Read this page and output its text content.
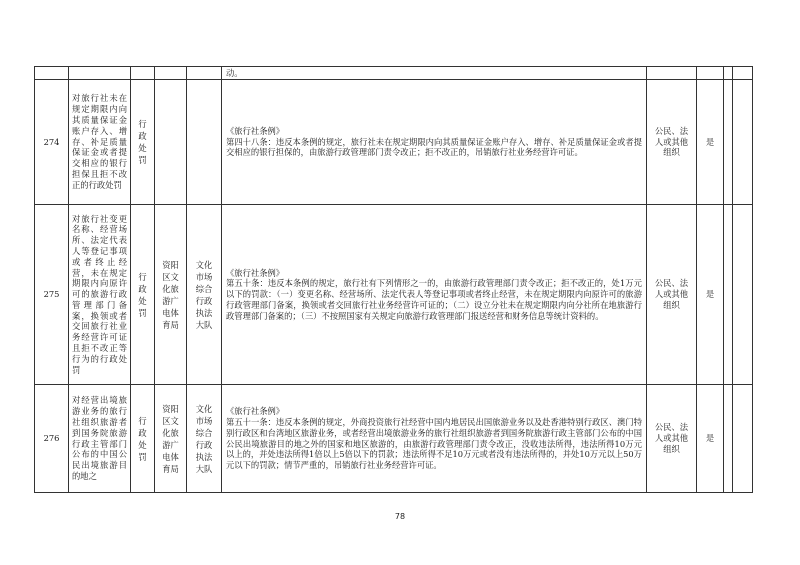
					动。				
274	对旅行社未在规定期限内向其质量保证金账户存入、增存、补足质量保证金或者提交相应的银行担保且拒不改正的行政处罚	行政处罚			《旅行社条例》

第四十八条：违反本条例的规定，旅行社未在规定期限内向其质量保证金账户存入、增存、补足质量保证金或者提交相应的银行担保的，由旅游行政管理部门责令改正；拒不改正的，吊销旅行社业务经营许可证。	公民、法人或其他组织	是		
275	对旅行社变更名称、经营场所、法定代表人等登记事项或者终止经营，未在规定期限内向原许可的旅游行政管理部门备案，换领或者交回旅行社业务经营许可证且拒不改正等行为的行政处罚	行政处罚	资阳区文化旅游广电体育局	文化市场综合行政执法大队	《旅行社条例》

第五十条：违反本条例的规定，旅行社有下列情形之一的，由旅游行政管理部门责令改正；拒不改正的，处1万元以下的罚款：（一）变更名称、经营场所、法定代表人等登记事项或者终止经营，未在规定期限内向原许可的旅游行政管理部门备案，换领或者交回旅行社业务经营许可证的；（二）设立分社未在规定期限内向分社所在地旅游行政管理部门备案的；（三）不按照国家有关规定向旅游行政管理部门报送经营和财务信息等统计资料的。	公民、法人或其他组织	是		
276	对经营出境旅游业务的旅行社组织旅游者到国务院旅游行政主管部门公布的中国公民出境旅游目的地之	行政处罚	资阳区文化旅游广电体育局	文化市场综合行政执法大队	《旅行社条例》

第五十一条：违反本条例的规定，外商投资旅行社经营中国内地居民出国旅游业务以及赴香港特别行政区、澳门特别行政区和台湾地区旅游业务，或者经营出境旅游业务的旅行社组织旅游者到国务院旅游行政主管部门公布的中国公民出境旅游目的地之外的国家和地区旅游的，由旅游行政管理部门责令改正，没收违法所得，违法所得10万元以上的，并处违法所得1倍以上5倍以下的罚款；违法所得不足10万元或者没有违法所得的，并处10万元以上50万元以下的罚款；情节严重的，吊销旅行社业务经营许可证。	公民、法人或其他组织	是		
78
